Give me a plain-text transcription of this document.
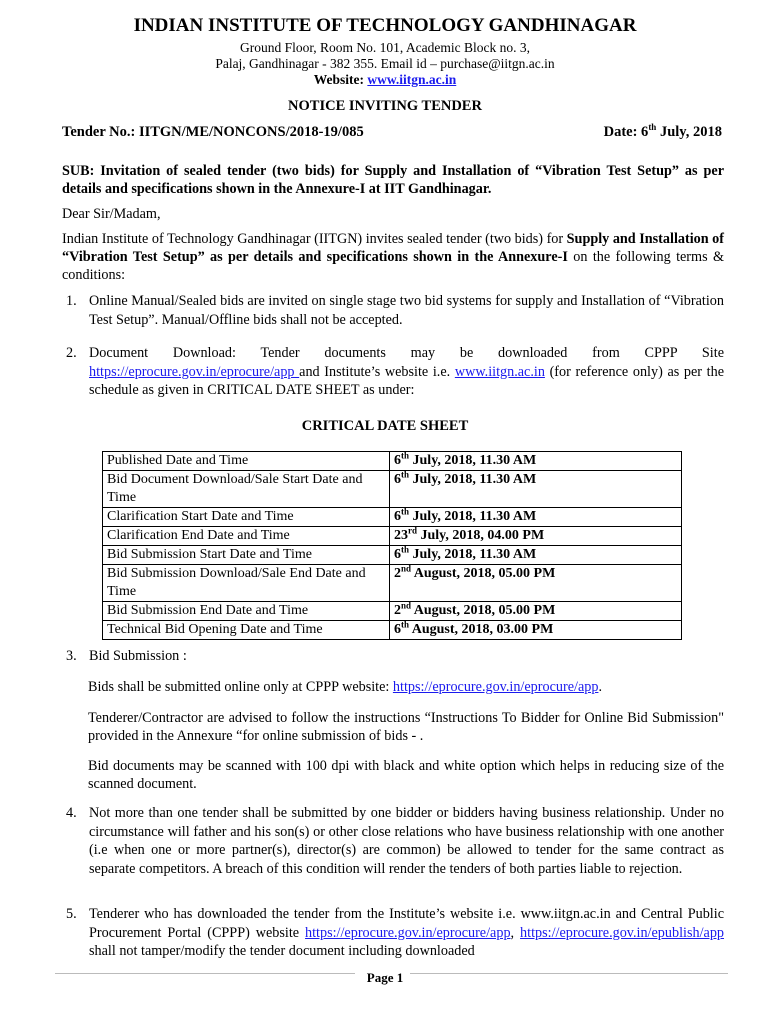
INDIAN INSTITUTE OF TECHNOLOGY GANDHINAGAR
Ground Floor, Room No. 101, Academic Block no. 3,
Palaj, Gandhinagar - 382 355. Email id – purchase@iitgn.ac.in
Website: www.iitgn.ac.in
NOTICE INVITING TENDER
Tender No.: IITGN/ME/NONCONS/2018-19/085	Date: 6th July, 2018
SUB: Invitation of sealed tender (two bids) for Supply and Installation of “Vibration Test Setup” as per details and specifications shown in the Annexure-I at IIT Gandhinagar.
Dear Sir/Madam,
Indian Institute of Technology Gandhinagar (IITGN) invites sealed tender (two bids) for Supply and Installation of “Vibration Test Setup” as per details and specifications shown in the Annexure-I on the following terms & conditions:
1. Online Manual/Sealed bids are invited on single stage two bid systems for supply and Installation of “Vibration Test Setup”. Manual/Offline bids shall not be accepted.
2. Document Download: Tender documents may be downloaded from CPPP Site https://eprocure.gov.in/eprocure/app and Institute’s website i.e. www.iitgn.ac.in (for reference only) as per the schedule as given in CRITICAL DATE SHEET as under:
CRITICAL DATE SHEET
Published Date and Time	6th July, 2018, 11.30 AM
Bid Document Download/Sale Start Date and Time	6th July, 2018, 11.30 AM
Clarification Start Date and Time	6th July, 2018, 11.30 AM
Clarification End Date and Time	23rd July, 2018, 04.00 PM
Bid Submission Start Date and Time	6th July, 2018, 11.30 AM
Bid Submission Download/Sale End Date and Time	2nd August, 2018, 05.00 PM
Bid Submission End Date and Time	2nd August, 2018, 05.00 PM
Technical Bid Opening Date and Time	6th August, 2018, 03.00 PM
3. Bid Submission :
Bids shall be submitted online only at CPPP website: https://eprocure.gov.in/eprocure/app.
Tenderer/Contractor are advised to follow the instructions “Instructions To Bidder for Online Bid Submission" provided in the Annexure “for online submission of bids - .
Bid documents may be scanned with 100 dpi with black and white option which helps in reducing size of the scanned document.
4. Not more than one tender shall be submitted by one bidder or bidders having business relationship. Under no circumstance will father and his son(s) or other close relations who have business relationship with one another (i.e when one or more partner(s), director(s) are common) be allowed to tender for the same contract as separate competitors. A breach of this condition will render the tenders of both parties liable to rejection.
5. Tenderer who has downloaded the tender from the Institute’s website i.e. www.iitgn.ac.in and Central Public Procurement Portal (CPPP) website https://eprocure.gov.in/eprocure/app, https://eprocure.gov.in/epublish/app shall not tamper/modify the tender document including downloaded
Page 1
